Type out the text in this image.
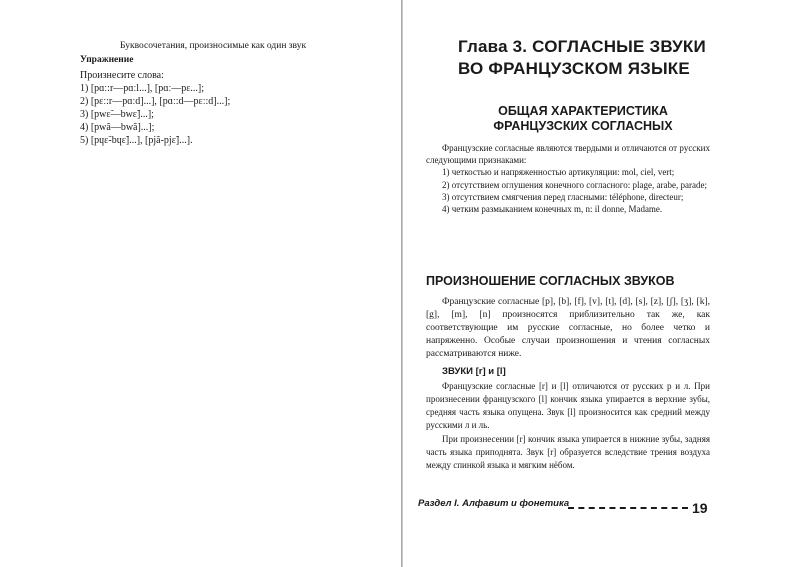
Буквосочетания, произносимые как один звук

Упражнение

Произнесите слова:

1) [pɑː:r—pɑːl...], [pɑː—pɛ...];
2) [pɛː:r—pɑːd]...], [pɑː:d—pɛː:d]...];
3) [pwɛ̃—bwɛ̃]...];
4) [pwã—bwã]...];
5) [pɥɛ̃-bɥɛ̃]...], [pjã-pjɛ̃]...].
Глава 3. СОГЛАСНЫЕ ЗВУКИ
ВО ФРАНЦУЗСКОМ ЯЗЫКЕ
ОБЩАЯ ХАРАКТЕРИСТИКА
ФРАНЦУЗСКИХ СОГЛАСНЫХ

Французские согласные являются твердыми и отличаются от русских следующими признаками:

1) четкостью и напряженностью артикуляции: mol, ciel, vert;

2) отсутствием оглушения конечного согласного: plage, arabe, parade;

3) отсутствием смягчения перед гласными: téléphone, directeur;

4) четким размыканием конечных m, n: il donne, Madame.

ПРОИЗНОШЕНИЕ СОГЛАСНЫХ ЗВУКОВ

Французские согласные [p], [b], [f], [v], [t], [d], [s], [z], [ʃ], [ʒ], [k], [g], [m], [n] произносятся приблизительно так же, как соответствующие им русские согласные, но более четко и напряженно. Особые случаи произношения и чтения согласных рассматриваются ниже.

ЗВУКИ [r] и [l]

Французские согласные [r] и [l] отличаются от русских р и л. При произнесении французского [l] кончик языка упирается в верхние зубы, средняя часть языка опущена. Звук [l] произносится как средний между русскими л и ль.

При произнесении [r] кончик языка упирается в нижние зубы, задняя часть языка приподнята. Звук [r] образуется вследствие трения воздуха между спинкой языка и мягким нёбом.

Раздел I. Алфавит и фонетика	19
